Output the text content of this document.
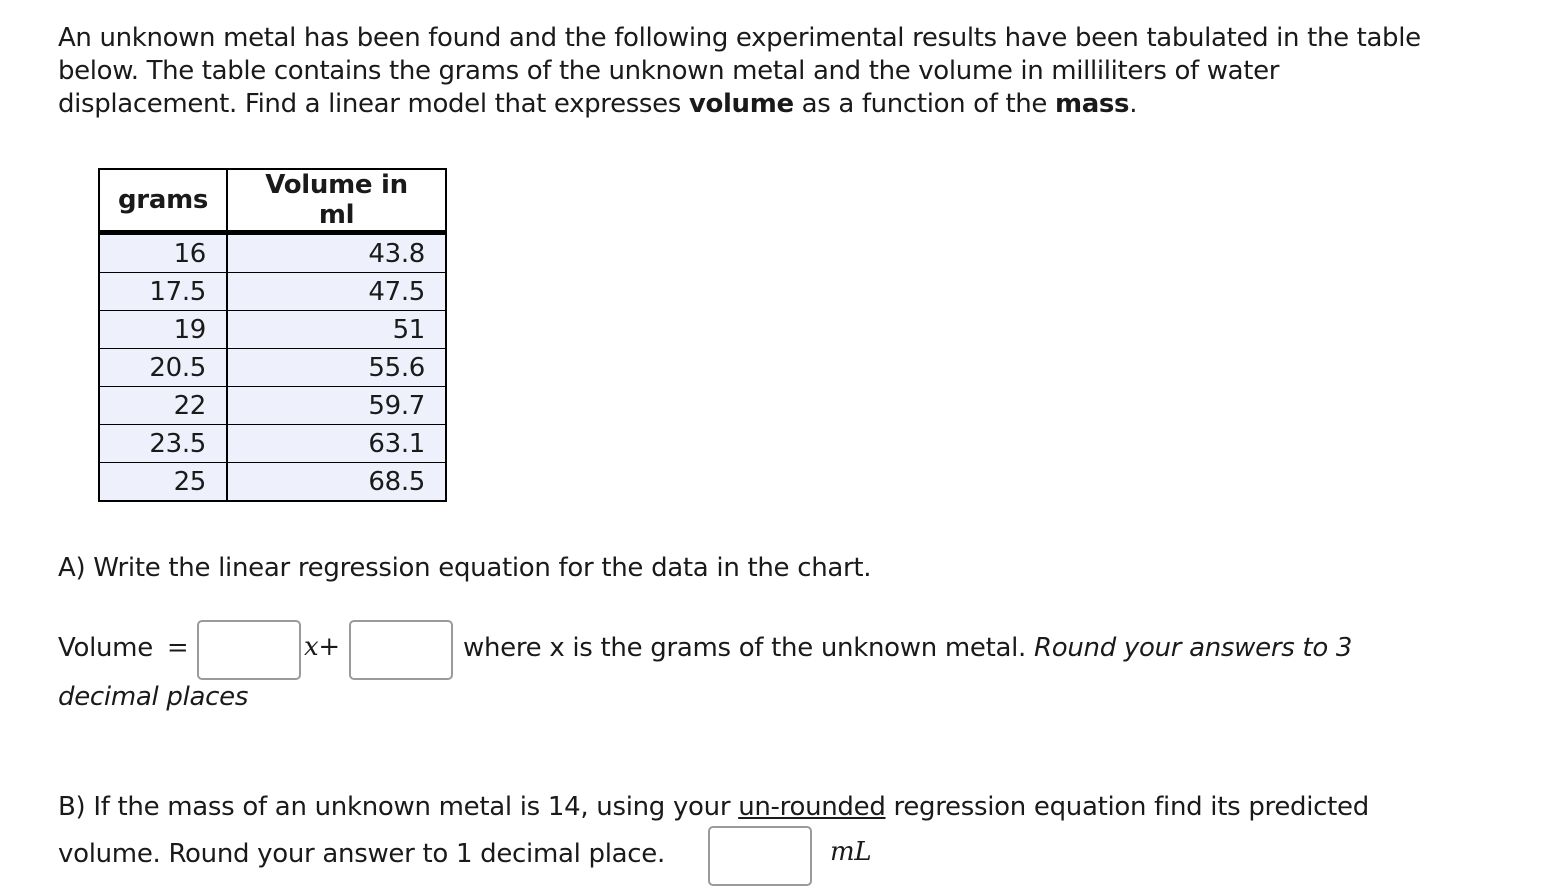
An unknown metal has been found and the following experimental results have been tabulated in the table
below. The table contains the grams of the unknown metal and the volume in milliliters of water
displacement. Find a linear model that expresses volume as a function of the mass.
grams	Volume in ml
16	43.8
17.5	47.5
19	51
20.5	55.6
22	59.7
23.5	63.1
25	68.5
A) Write the linear regression equation for the data in the chart.
Volume =	x+	where x is the grams of the unknown metal. Round your answers to 3
decimal places
B) If the mass of an unknown metal is 14, using your un-rounded regression equation find its predicted
volume. Round your answer to 1 decimal place.	mL
